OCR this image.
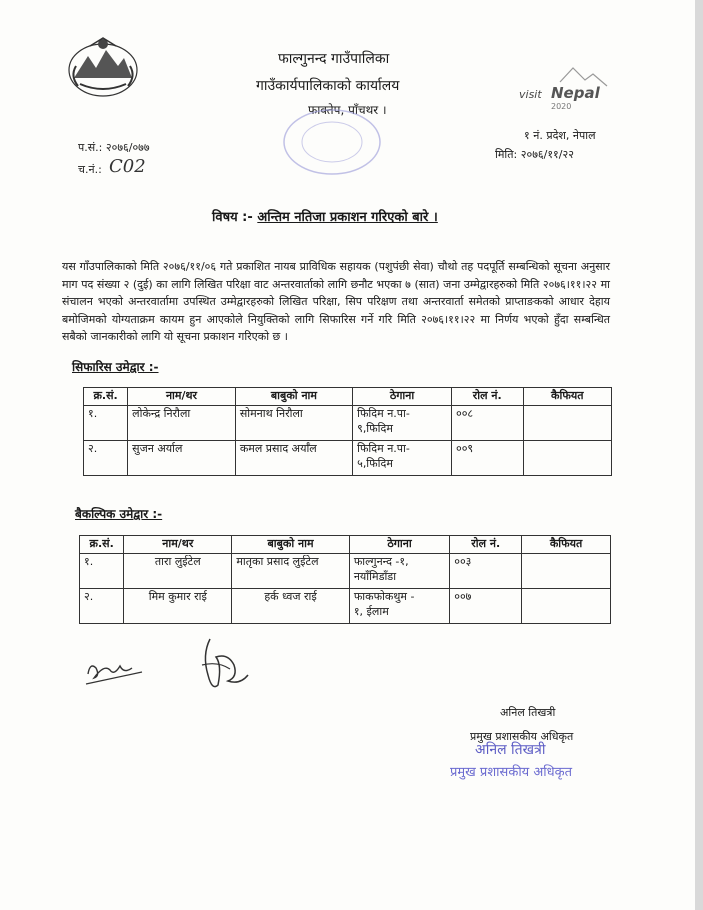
visit Nepal
2020
फाल्गुनन्द गाउँपालिका
गाउँकार्यपालिकाको कार्यालय
फाक्तेप, पाँचथर ।
प.सं.: २०७६/०७७
च.नं.: C02
१ नं. प्रदेश, नेपाल
मिति: २०७६/११/२२
विषय :- अन्तिम नतिजा प्रकाशन गरिएको बारे ।
यस गाँउपालिकाको मिति २०७६/११/०६ गते प्रकाशित नायब प्राविधिक सहायक (पशुपंछी सेवा) चौथो तह पदपूर्ति सम्बन्धिको सूचना अनुसार माग पद संख्या २ (दुई) का लागि लिखित परिक्षा वाट अन्तरवार्ताको लागि छनौट भएका ७ (सात) जना उम्मेद्वारहरुको मिति २०७६।११।२२ मा संचालन भएको अन्तरवार्तामा उपस्थित उम्मेद्वारहरुको लिखित परिक्षा, सिप परिक्षण तथा अन्तरवार्ता समेतको प्राप्ताङकको आधार देहाय बमोजिमको योग्यताक्रम कायम हुन आएकोले नियुक्तिको लागि सिफारिस गर्ने गरि मिति २०७६।११।२२ मा निर्णय भएको हुँदा सम्बन्धित सबैको जानकारीको लागि यो सूचना प्रकाशन गरिएको छ ।
सिफारिस उमेद्वार :-
क्र.सं.	नाम/थर	बाबुको नाम	ठेगाना	रोल नं.	कैफियत
१.	लोकेन्द्र निरौला	सोमनाथ निरौला	फिदिम न.पा-
९,फिदिम	००८	
२.	सुजन अर्याल	कमल प्रसाद अर्याँल	फिदिम न.पा-
५,फिदिम	००९	
बैकल्पिक उमेद्वार :-
क्र.सं.	नाम/थर	बाबुको नाम	ठेगाना	रोल नं.	कैफियत
१.	तारा लुईटेल	मातृका प्रसाद लुईटेल	फाल्गुनन्द -१,
नयाँमिडाँडा	००३	
२.	मिम कुमार राई	हर्क ध्वज राई	फाकफोकथुम -
१, ईलाम	००७	
अनिल तिखत्री
प्रमुख प्रशासकीय अधिकृत
अनिल तिखत्री
प्रमुख प्रशासकीय अधिकृत
